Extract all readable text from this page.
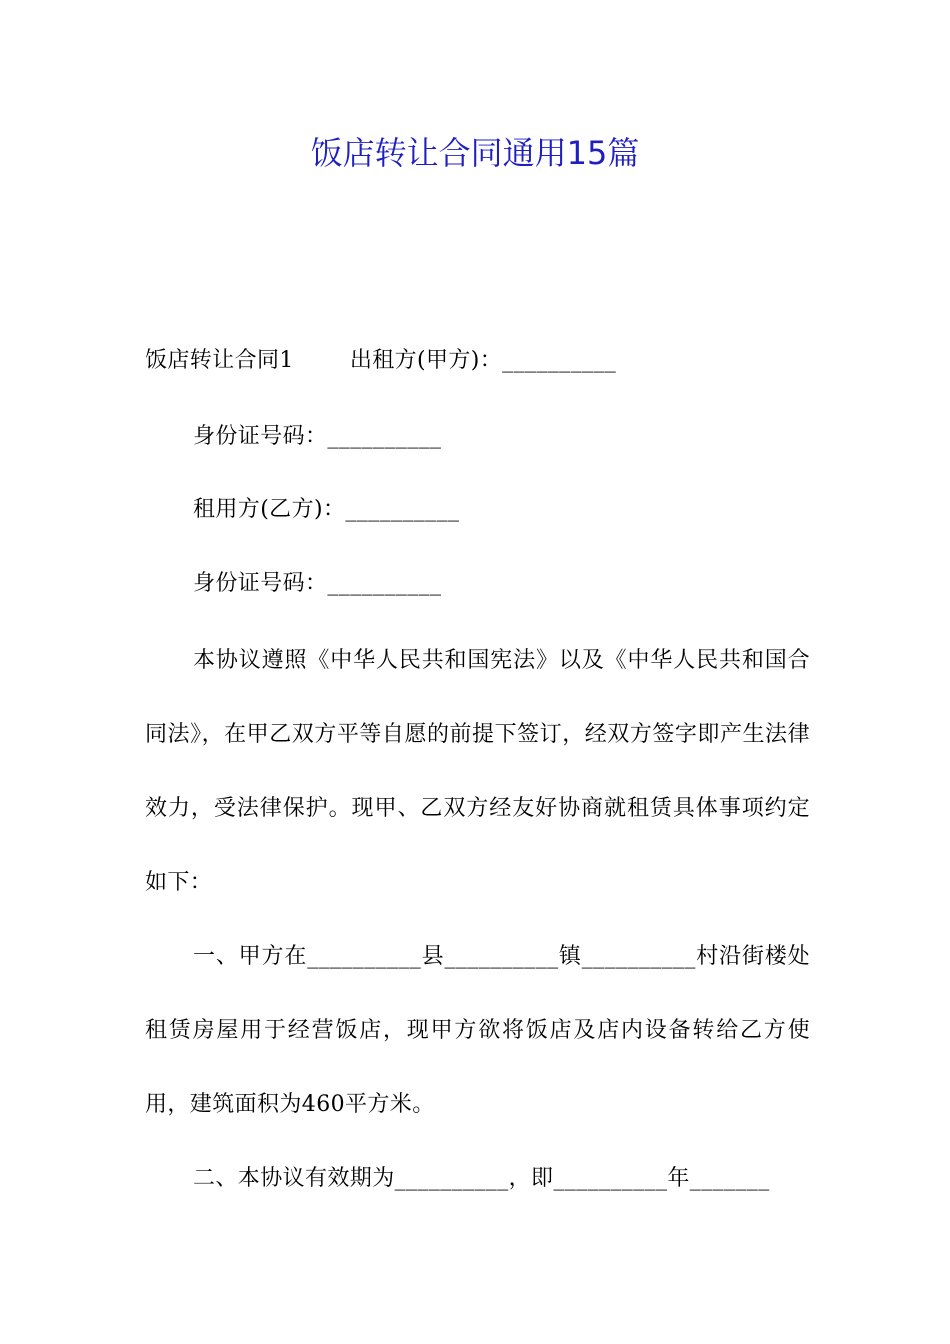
饭店转让合同通用15篇
饭店转让合同1	出租方(甲方)：__________
身份证号码：__________
租用方(乙方)：__________
身份证号码：__________
本协议遵照《中华人民共和国宪法》以及《中华人民共和国合同法》，在甲乙双方平等自愿的前提下签订，经双方签字即产生法律效力，受法律保护。现甲、乙双方经友好协商就租赁具体事项约定如下：
一、甲方在__________县__________镇__________村沿街楼处租赁房屋用于经营饭店，现甲方欲将饭店及店内设备转给乙方使用，建筑面积为460平方米。
二、本协议有效期为__________，即__________年_______
